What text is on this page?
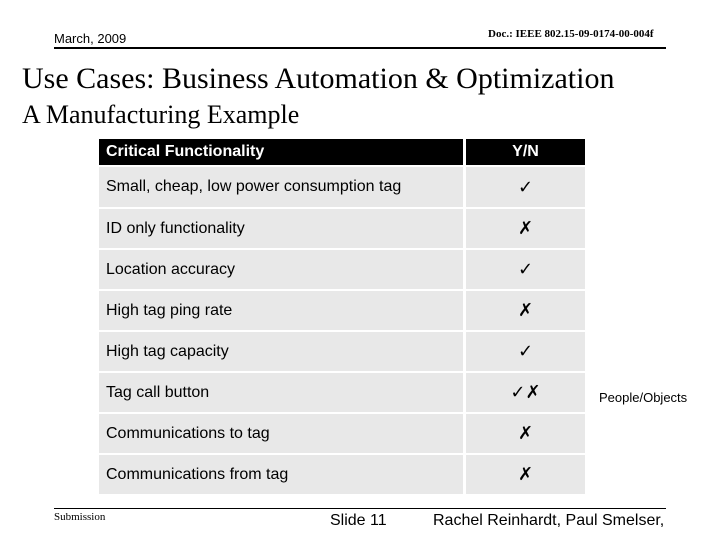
March, 2009	Doc.: IEEE 802.15-09-0174-00-004f
Use Cases: Business Automation & Optimization
A Manufacturing Example
Critical Functionality	Y/N
Small, cheap, low power consumption tag	✓
ID only functionality	✗
Location accuracy	✓
High tag ping rate	✗
High tag capacity	✓
Tag call button	✓✗
Communications to tag	✗
Communications from tag	✗
People/Objects
Submission	Slide 11	Rachel Reinhardt, Paul Smelser,
